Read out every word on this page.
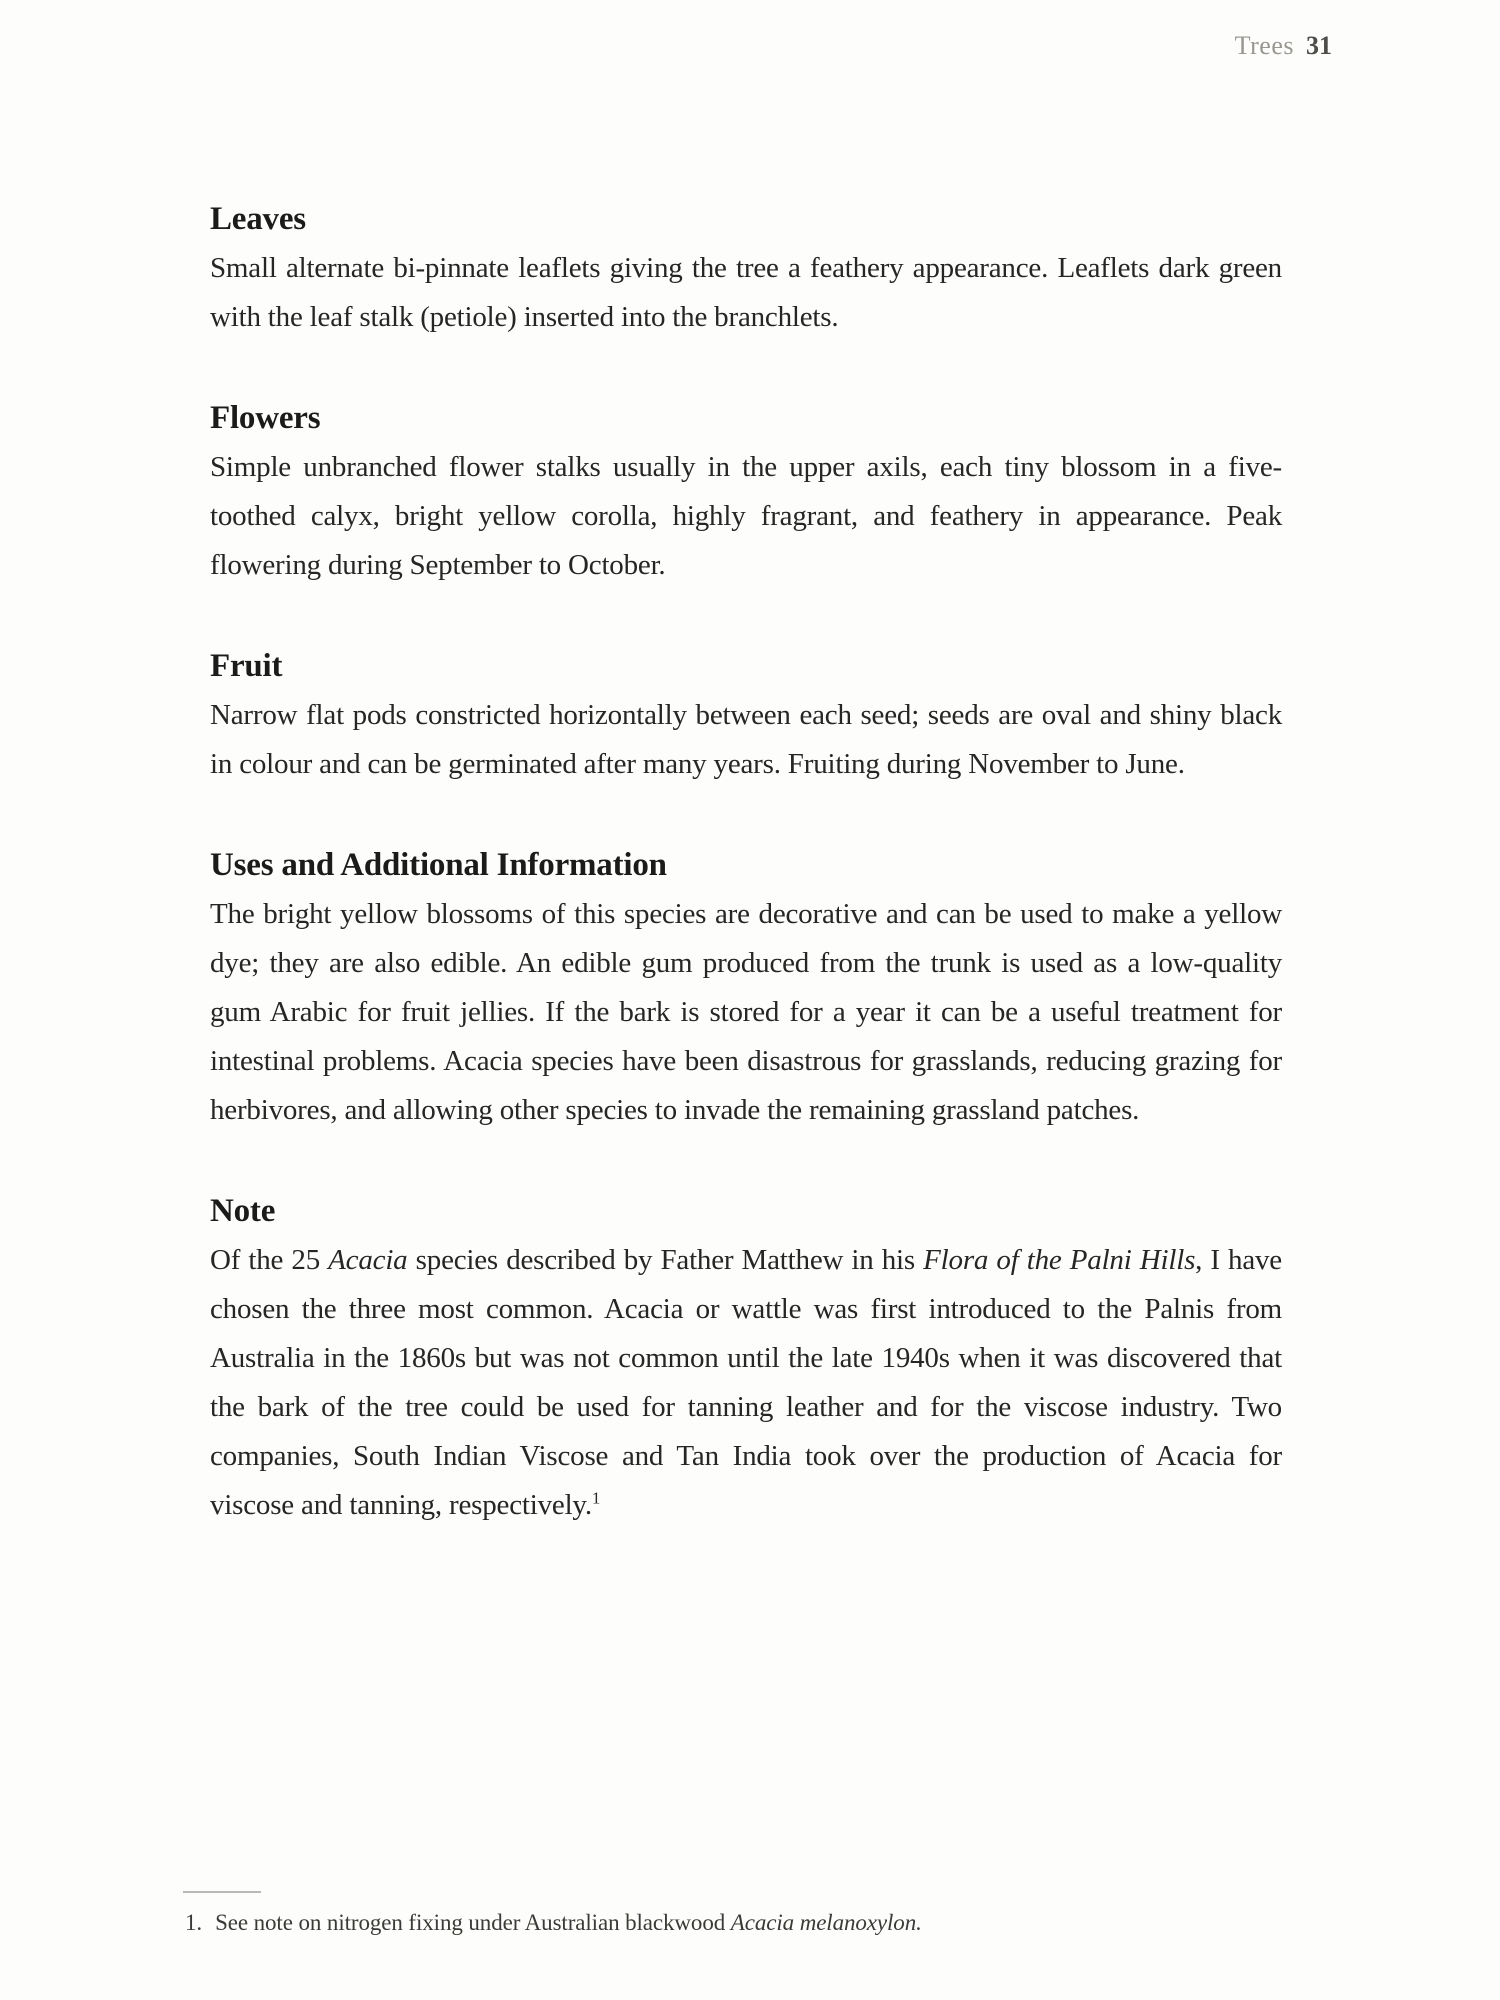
Trees 31
Leaves
Small alternate bi-pinnate leaflets giving the tree a feathery appearance. Leaflets dark green with the leaf stalk (petiole) inserted into the branchlets.
Flowers
Simple unbranched flower stalks usually in the upper axils, each tiny blossom in a five-toothed calyx, bright yellow corolla, highly fragrant, and feathery in appearance. Peak flowering during September to October.
Fruit
Narrow flat pods constricted horizontally between each seed; seeds are oval and shiny black in colour and can be germinated after many years. Fruiting during November to June.
Uses and Additional Information
The bright yellow blossoms of this species are decorative and can be used to make a yellow dye; they are also edible. An edible gum produced from the trunk is used as a low-quality gum Arabic for fruit jellies. If the bark is stored for a year it can be a useful treatment for intestinal problems. Acacia species have been disastrous for grasslands, reducing grazing for herbivores, and allowing other species to invade the remaining grassland patches.
Note
Of the 25 Acacia species described by Father Matthew in his Flora of the Palni Hills, I have chosen the three most common. Acacia or wattle was first introduced to the Palnis from Australia in the 1860s but was not common until the late 1940s when it was discovered that the bark of the tree could be used for tanning leather and for the viscose industry. Two companies, South Indian Viscose and Tan India took over the production of Acacia for viscose and tanning, respectively.$^1$
1. See note on nitrogen fixing under Australian blackwood Acacia melanoxylon.
